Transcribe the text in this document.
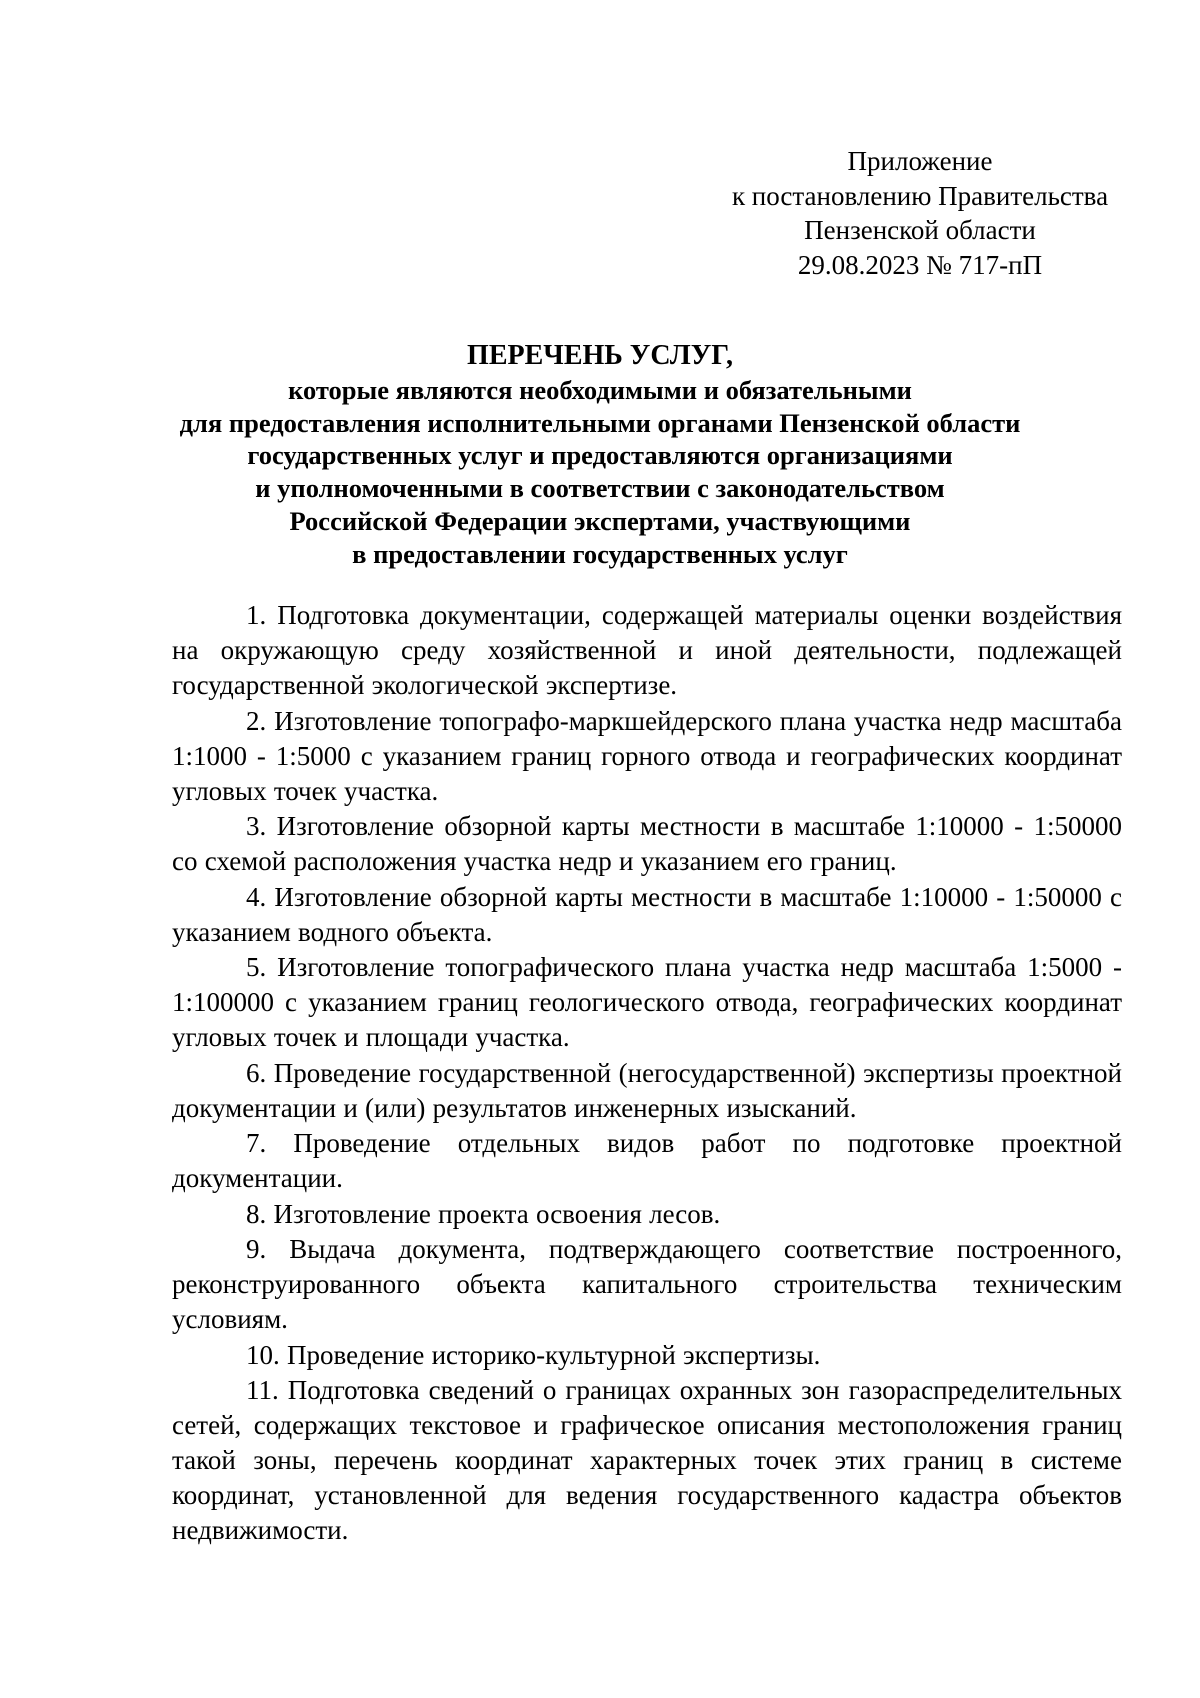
Приложение
к постановлению Правительства
Пензенской области
29.08.2023 № 717-пП
ПЕРЕЧЕНЬ УСЛУГ,
которые являются необходимыми и обязательными
для предоставления исполнительными органами Пензенской области
государственных услуг и предоставляются организациями
и уполномоченными в соответствии с законодательством
Российской Федерации экспертами, участвующими
в предоставлении государственных услуг

1. Подготовка документации, содержащей материалы оценки воздействия на окружающую среду хозяйственной и иной деятельности, подлежащей государственной экологической экспертизе.

2. Изготовление топографо-маркшейдерского плана участка недр масштаба 1:1000 - 1:5000 с указанием границ горного отвода и географических координат угловых точек участка.

3. Изготовление обзорной карты местности в масштабе 1:10000 - 1:50000 со схемой расположения участка недр и указанием его границ.

4. Изготовление обзорной карты местности в масштабе 1:10000 - 1:50000 с указанием водного объекта.

5. Изготовление топографического плана участка недр масштаба 1:5000 - 1:100000 с указанием границ геологического отвода, географических координат угловых точек и площади участка.

6. Проведение государственной (негосударственной) экспертизы проектной документации и (или) результатов инженерных изысканий.

7. Проведение отдельных видов работ по подготовке проектной документации.

8. Изготовление проекта освоения лесов.

9. Выдача документа, подтверждающего соответствие построенного, реконструированного объекта капитального строительства техническим условиям.

10. Проведение историко-культурной экспертизы.

11. Подготовка сведений о границах охранных зон газораспределительных сетей, содержащих текстовое и графическое описания местоположения границ такой зоны, перечень координат характерных точек этих границ в системе координат, установленной для ведения государственного кадастра объектов недвижимости.
